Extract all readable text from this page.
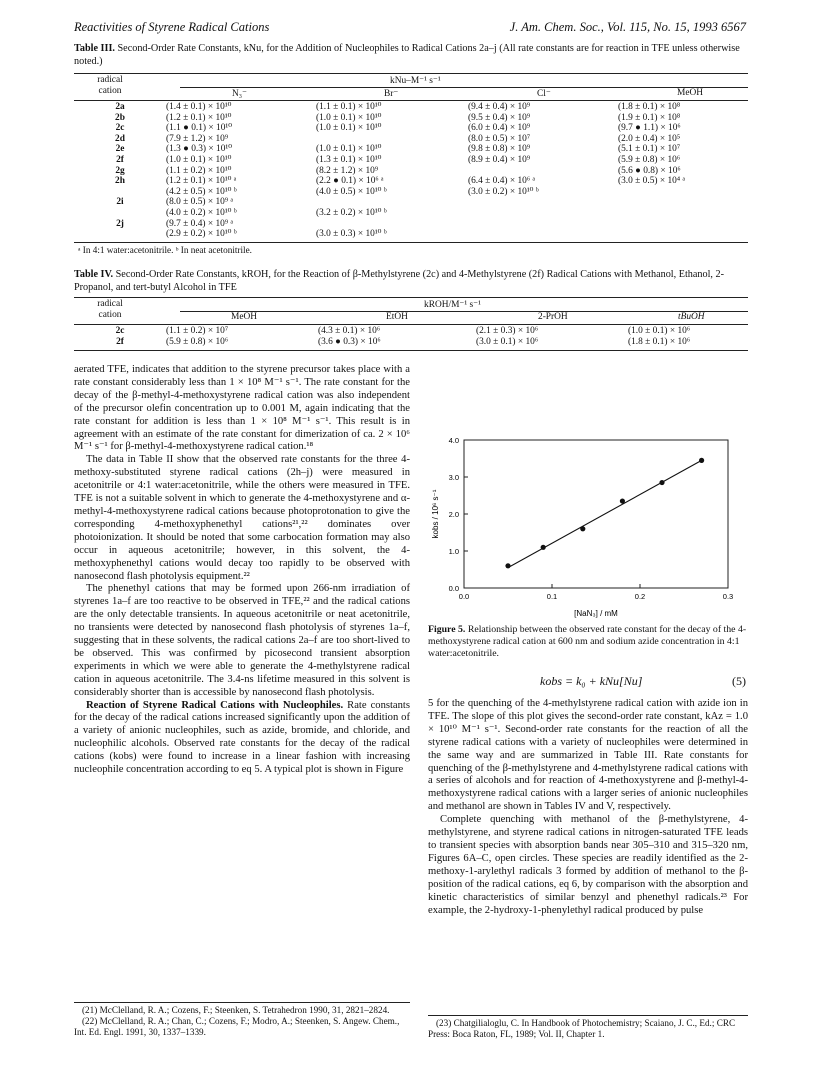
Reactivities of Styrene Radical Cations	J. Am. Chem. Soc., Vol. 115, No. 15, 1993 6567
Table III. Second-Order Rate Constants, kNu, for the Addition of Nucleophiles to Radical Cations 2a–j (All rate constants are for reaction in TFE unless otherwise noted.)
radical
cation
kNu–M⁻¹ s⁻¹
N₃⁻	Br⁻	Cl⁻	MeOH
2a	(1.4 ± 0.1) × 10¹⁰	(1.1 ± 0.1) × 10¹⁰	(9.4 ± 0.4) × 10⁹	(1.8 ± 0.1) × 10⁸
2b	(1.2 ± 0.1) × 10¹⁰	(1.0 ± 0.1) × 10¹⁰	(9.5 ± 0.4) × 10⁹	(1.9 ± 0.1) × 10⁸
2c	(1.1 ● 0.1) × 10¹⁰	(1.0 ± 0.1) × 10¹⁰	(6.0 ± 0.4) × 10⁹	(9.7 ● 1.1) × 10⁶
2d	(7.9 ± 1.2) × 10⁹		(8.0 ± 0.5) × 10⁷	(2.0 ± 0.4) × 10⁵
2e	(1.3 ● 0.3) × 10¹⁰	(1.0 ± 0.1) × 10¹⁰	(9.8 ± 0.8) × 10⁹	(5.1 ± 0.1) × 10⁷
2f	(1.0 ± 0.1) × 10¹⁰	(1.3 ± 0.1) × 10¹⁰	(8.9 ± 0.4) × 10⁹	(5.9 ± 0.8) × 10⁶
2g	(1.1 ± 0.2) × 10¹⁰	(8.2 ± 1.2) × 10⁹		(5.6 ● 0.8) × 10⁶
2h	(1.2 ± 0.1) × 10¹⁰ ᵃ	(2.2 ● 0.1) × 10⁶ ᵃ	(6.4 ± 0.4) × 10⁶ ᵃ	(3.0 ± 0.5) × 10⁴ ᵃ
	(4.2 ± 0.5) × 10¹⁰ ᵇ	(4.0 ± 0.5) × 10¹⁰ ᵇ	(3.0 ± 0.2) × 10¹⁰ ᵇ	
2i	(8.0 ± 0.5) × 10⁹ ᵃ			
	(4.0 ± 0.2) × 10¹⁰ ᵇ	(3.2 ± 0.2) × 10¹⁰ ᵇ		
2j	(9.7 ± 0.4) × 10⁹ ᵃ			
	(2.9 ± 0.2) × 10¹⁰ ᵇ	(3.0 ± 0.3) × 10¹⁰ ᵇ		
ᵃ In 4:1 water:acetonitrile. ᵇ In neat acetonitrile.
Table IV. Second-Order Rate Constants, kROH, for the Reaction of β-Methylstyrene (2c) and 4-Methylstyrene (2f) Radical Cations with Methanol, Ethanol, 2-Propanol, and tert-butyl Alcohol in TFE
radical
cation
kROH/M⁻¹ s⁻¹
MeOH	EtOH	2-PrOH	tBuOH
2c	(1.1 ± 0.2) × 10⁷	(4.3 ± 0.1) × 10⁶	(2.1 ± 0.3) × 10⁶	(1.0 ± 0.1) × 10⁶
2f	(5.9 ± 0.8) × 10⁶	(3.6 ● 0.3) × 10⁶	(3.0 ± 0.1) × 10⁶	(1.8 ± 0.1) × 10⁶

aerated TFE, indicates that addition to the styrene precursor takes place with a rate constant considerably less than 1 × 10⁸ M⁻¹ s⁻¹. The rate constant for the decay of the β-methyl-4-methoxystyrene radical cation was also independent of the precursor olefin concentration up to 0.001 M, again indicating that the rate constant for addition is less than 1 × 10⁸ M⁻¹ s⁻¹. This result is in agreement with an estimate of the rate constant for dimerization of ca. 2 × 10⁶ M⁻¹ s⁻¹ for β-methyl-4-methoxystyrene radical cation.¹⁸

The data in Table II show that the observed rate constants for the three 4-methoxy-substituted styrene radical cations (2h–j) were measured in acetonitrile or 4:1 water:acetonitrile, while the others were measured in TFE. TFE is not a suitable solvent in which to generate the 4-methoxystyrene and α-methyl-4-methoxystyrene radical cations because photoprotonation to give the corresponding 4-methoxyphenethyl cations²¹,²² dominates over photoionization. It should be noted that some carbocation formation may also occur in aqueous acetonitrile; however, in this solvent, the 4-methoxyphenethyl cations would decay too rapidly to be observed with nanosecond flash photolysis equipment.²²

The phenethyl cations that may be formed upon 266-nm irradiation of styrenes 1a–f are too reactive to be observed in TFE,²² and the radical cations are the only detectable transients. In aqueous acetonitrile or neat acetonitrile, no transients were detected by nanosecond flash photolysis of styrenes 1a–f, suggesting that in these solvents, the radical cations 2a–f are too short-lived to be observed. This was confirmed by picosecond transient absorption experiments in which we were able to generate the 4-methylstyrene radical cation in aqueous acetonitrile. The 3.4-ns lifetime measured in this solvent is considerably shorter than is accessible by nanosecond flash photolysis.

Reaction of Styrene Radical Cations with Nucleophiles. Rate constants for the decay of the radical cations increased significantly upon the addition of a variety of anionic nucleophiles, such as azide, bromide, and chloride, and nucleophilic alcohols. Observed rate constants for the decay of the radical cations (kobs) were found to increase in a linear fashion with increasing nucleophile concentration according to eq 5. A typical plot is shown in Figure

(21) McClelland, R. A.; Cozens, F.; Steenken, S. Tetrahedron 1990, 31, 2821–2824.

(22) McClelland, R. A.; Chan, C.; Cozens, F.; Modro, A.; Steenken, S. Angew. Chem., Int. Ed. Engl. 1991, 30, 1337–1339.

0.0	0.1	0.2	0.3
0.0
1.0
2.0
3.0
4.0
[NaN₃] / mM
kobs / 10⁶ s⁻¹
Figure 5. Relationship between the observed rate constant for the decay of the 4-methoxystyrene radical cation at 600 nm and sodium azide concentration in 4:1 water:acetonitrile.
kobs = k₀ + kNu[Nu]	(5)

5 for the quenching of the 4-methylstyrene radical cation with azide ion in TFE. The slope of this plot gives the second-order rate constant, kAz = 1.0 × 10¹⁰ M⁻¹ s⁻¹. Second-order rate constants for the reaction of all the styrene radical cations with a variety of nucleophiles were determined in the same way and are summarized in Table III. Rate constants for quenching of the β-methylstyrene and 4-methylstyrene radical cations with a series of alcohols and for reaction of 4-methoxystyrene and β-methyl-4-methoxystyrene radical cations with a larger series of anionic nucleophiles and methanol are shown in Tables IV and V, respectively.

Complete quenching with methanol of the β-methylstyrene, 4-methylstyrene, and styrene radical cations in nitrogen-saturated TFE leads to transient species with absorption bands near 305–310 and 315–320 nm, Figures 6A–C, open circles. These species are readily identified as the 2-methoxy-1-arylethyl radicals 3 formed by addition of methanol to the β-position of the radical cations, eq 6, by comparison with the absorption and kinetic characteristics of similar benzyl and phenethyl radicals.²³ For example, the 2-hydroxy-1-phenylethyl radical produced by pulse

(23) Chatgilialoglu, C. In Handbook of Photochemistry; Scaiano, J. C., Ed.; CRC Press: Boca Raton, FL, 1989; Vol. II, Chapter 1.
